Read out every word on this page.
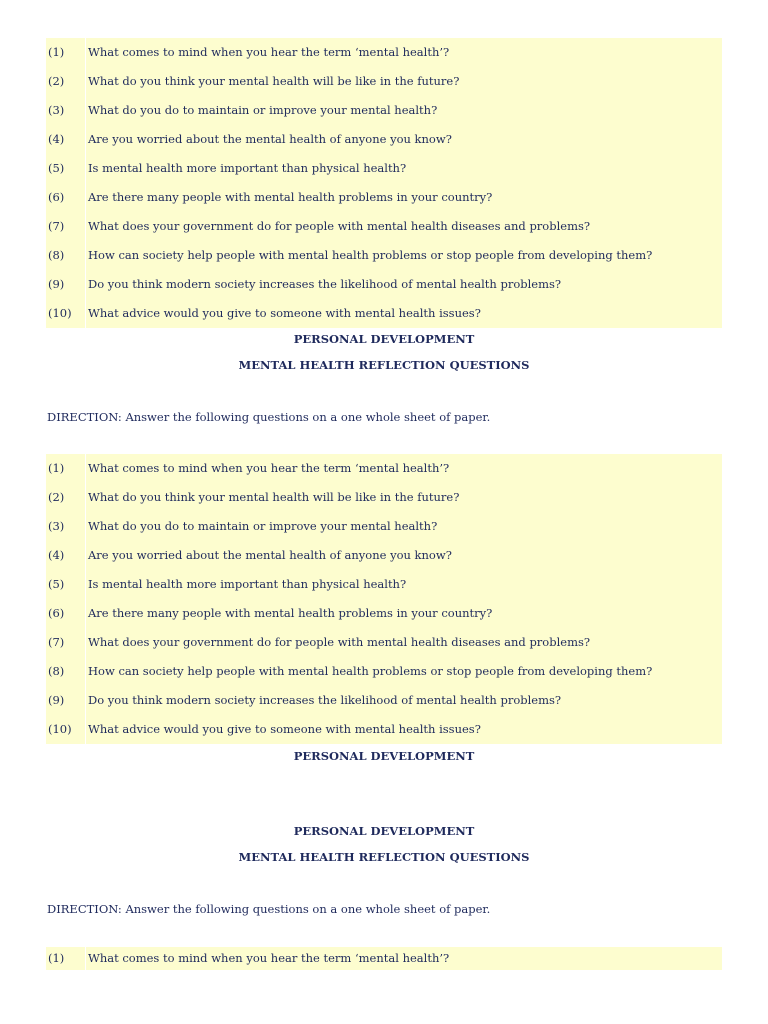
(1)	What comes to mind when you hear the term ‘mental health’?
(2)	What do you think your mental health will be like in the future?
(3)	What do you do to maintain or improve your mental health?
(4)	Are you worried about the mental health of anyone you know?
(5)	Is mental health more important than physical health?
(6)	Are there many people with mental health problems in your country?
(7)	What does your government do for people with mental health diseases and problems?
(8)	How can society help people with mental health problems or stop people from developing them?
(9)	Do you think modern society increases the likelihood of mental health problems?
(10)	What advice would you give to someone with mental health issues?
PERSONAL DEVELOPMENT
MENTAL HEALTH REFLECTION QUESTIONS
DIRECTION: Answer the following questions on a one whole sheet of paper.
(1)	What comes to mind when you hear the term ‘mental health’?
(2)	What do you think your mental health will be like in the future?
(3)	What do you do to maintain or improve your mental health?
(4)	Are you worried about the mental health of anyone you know?
(5)	Is mental health more important than physical health?
(6)	Are there many people with mental health problems in your country?
(7)	What does your government do for people with mental health diseases and problems?
(8)	How can society help people with mental health problems or stop people from developing them?
(9)	Do you think modern society increases the likelihood of mental health problems?
(10)	What advice would you give to someone with mental health issues?
PERSONAL DEVELOPMENT
PERSONAL DEVELOPMENT
MENTAL HEALTH REFLECTION QUESTIONS
DIRECTION: Answer the following questions on a one whole sheet of paper.
(1)	What comes to mind when you hear the term ‘mental health’?
